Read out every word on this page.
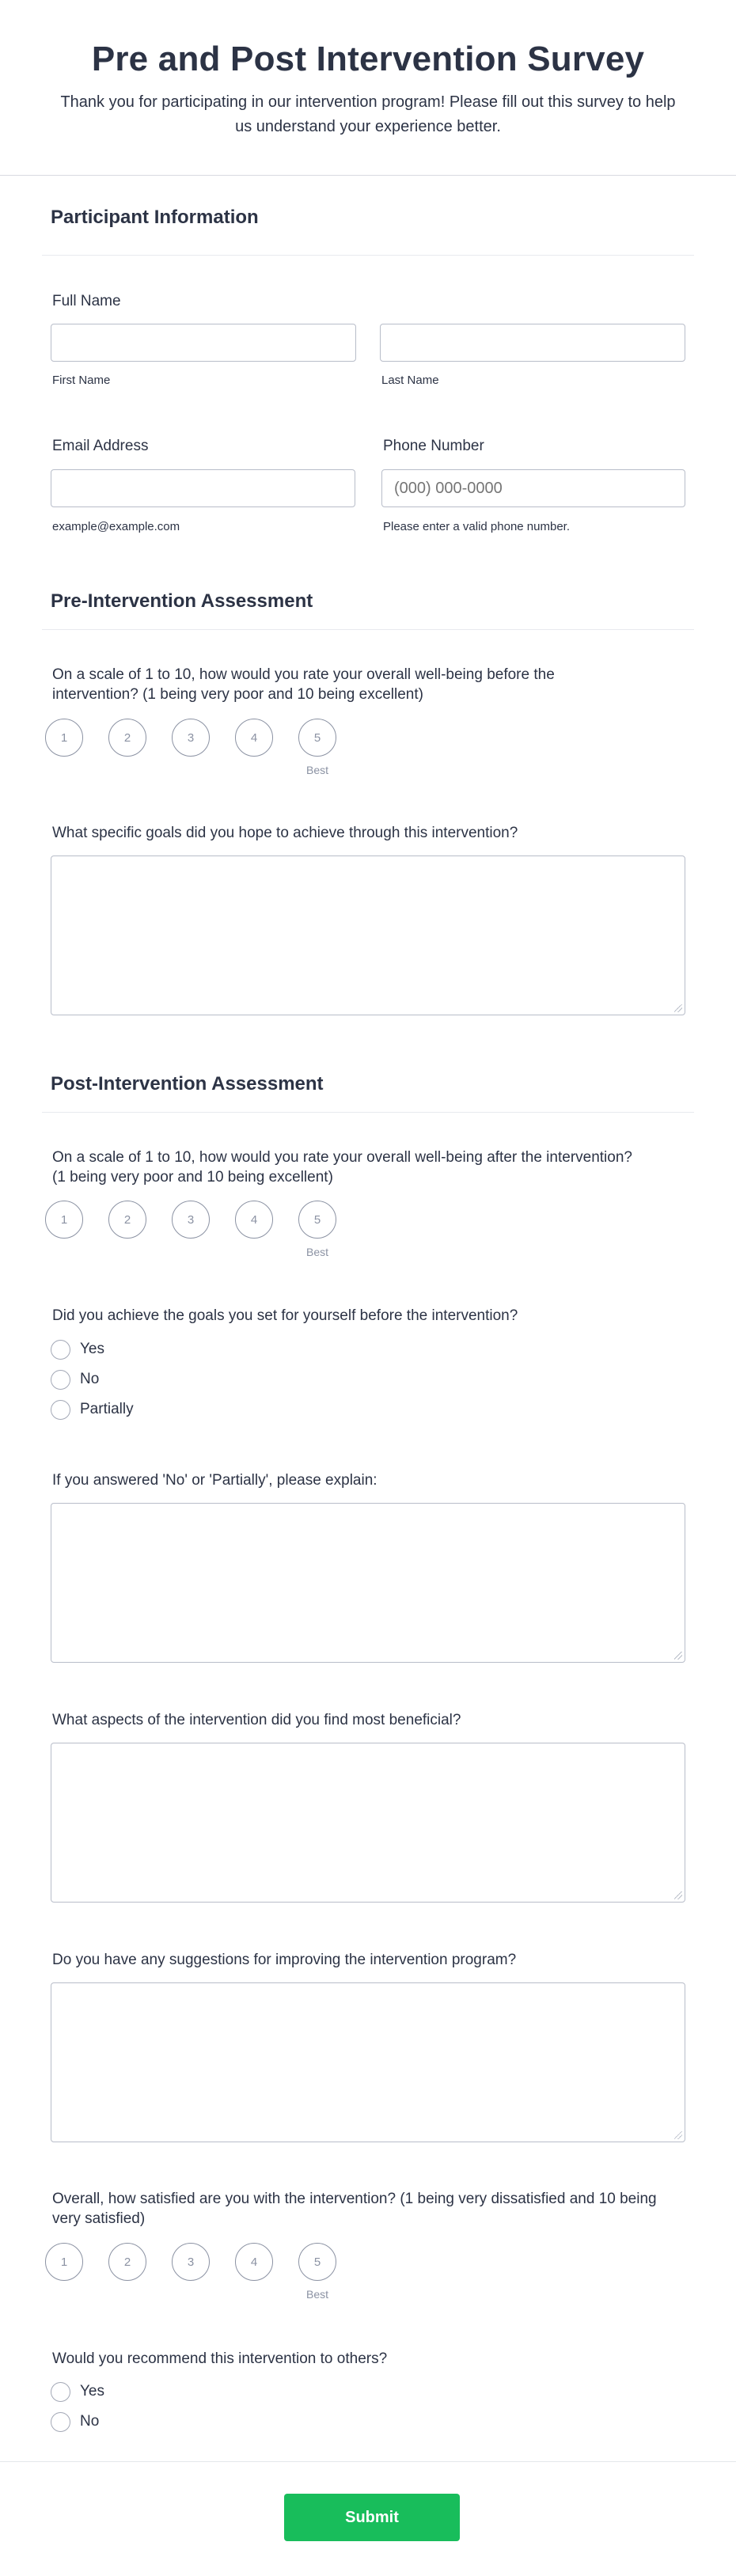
Pre and Post Intervention Survey

Thank you for participating in our intervention program! Please fill out this survey to help us understand your experience better.

Participant Information
Full Name
First Name	Last Name
Email Address	Phone Number
(000) 000-0000
example@example.com	Please enter a valid phone number.
Pre-Intervention Assessment
On a scale of 1 to 10, how would you rate your overall well-being before the intervention? (1 being very poor and 10 being excellent)
1	2	3	4	5
Best
What specific goals did you hope to achieve through this intervention?
Post-Intervention Assessment
On a scale of 1 to 10, how would you rate your overall well-being after the intervention? (1 being very poor and 10 being excellent)
1	2	3	4	5
Best
Did you achieve the goals you set for yourself before the intervention?
Yes
No
Partially
If you answered 'No' or 'Partially', please explain:
What aspects of the intervention did you find most beneficial?
Do you have any suggestions for improving the intervention program?
Overall, how satisfied are you with the intervention? (1 being very dissatisfied and 10 being very satisfied)
1	2	3	4	5
Best
Would you recommend this intervention to others?
Yes
No
Submit
